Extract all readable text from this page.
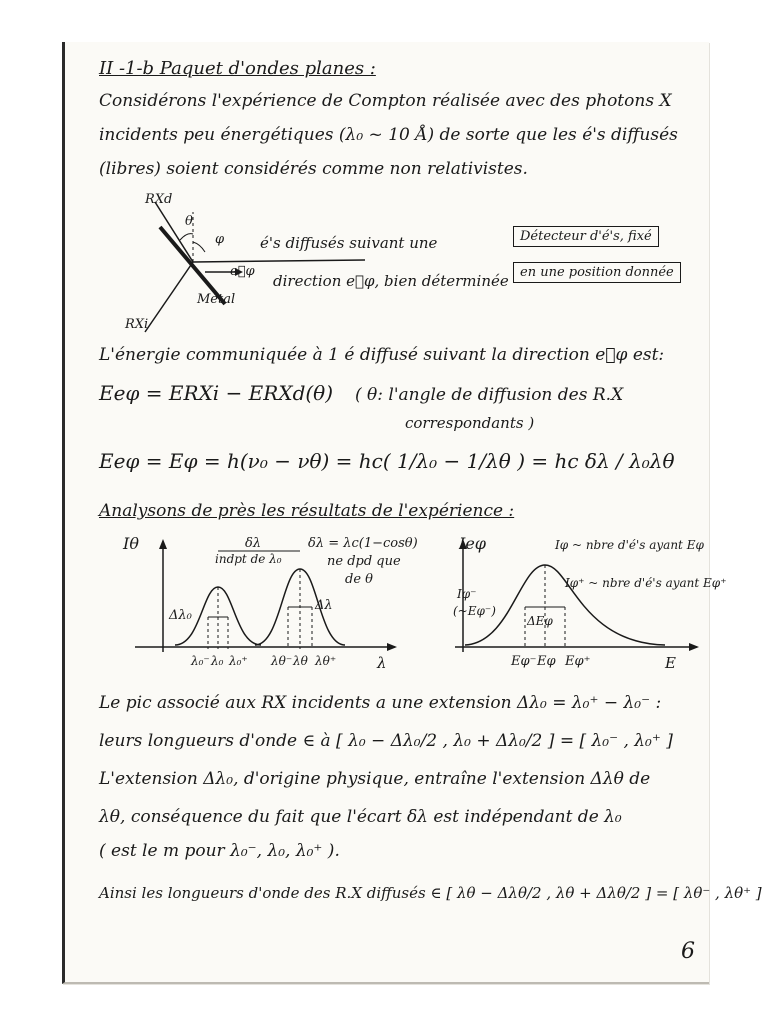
II -1-b Paquet d'ondes planes :
Considérons l'expérience de Compton réalisée avec des photons X
incidents peu énergétiques (λ₀ ~ 10 Å) de sorte que les é's diffusés
(libres) soient considérés comme non relativistes.
RXd
θ
φ
e⃗φ
Métal
RXi
é's diffusés suivant une
direction e⃗φ, bien déterminée
Détecteur d'é's, fixé
en une position donnée
L'énergie communiquée à 1 é diffusé suivant la direction e⃗φ est:
Eeφ = ERXi − ERXd(θ)	( θ: l'angle de diffusion des R.X
correspondants )
Eeφ = Eφ = h(ν₀ − νθ) = hc( 1/λ₀ − 1/λθ ) = hc δλ / λ₀λθ
Analysons de près les résultats de l'expérience :
Iθ	δλ
indpt de λ₀
δλ = λc(1−cosθ)
ne dpd que
de θ
Δλ₀
Δλ
λ₀⁻ λ₀ λ₀⁺ λθ⁻ λθ λθ⁺	λ
Ieφ	Iφ ~ nbre d'é's ayant Eφ
Iφ⁺ ~ nbre d'é's ayant Eφ⁺
Iφ⁻
(~Eφ⁻)
ΔEφ
Eφ⁻ Eφ Eφ⁺	E
Le pic associé aux RX incidents a une extension Δλ₀ = λ₀⁺ − λ₀⁻ :
leurs longueurs d'onde ∈ à [ λ₀ − Δλ₀/2 , λ₀ + Δλ₀/2 ] = [ λ₀⁻ , λ₀⁺ ]
L'extension Δλ₀, d'origine physique, entraîne l'extension Δλθ de
λθ, conséquence du fait que l'écart δλ est indépendant de λ₀
( est le m pour λ₀⁻, λ₀, λ₀⁺ ).
Ainsi les longueurs d'onde des R.X diffusés ∈ [ λθ − Δλθ/2 , λθ + Δλθ/2 ] = [ λθ⁻ , λθ⁺ ]
6
